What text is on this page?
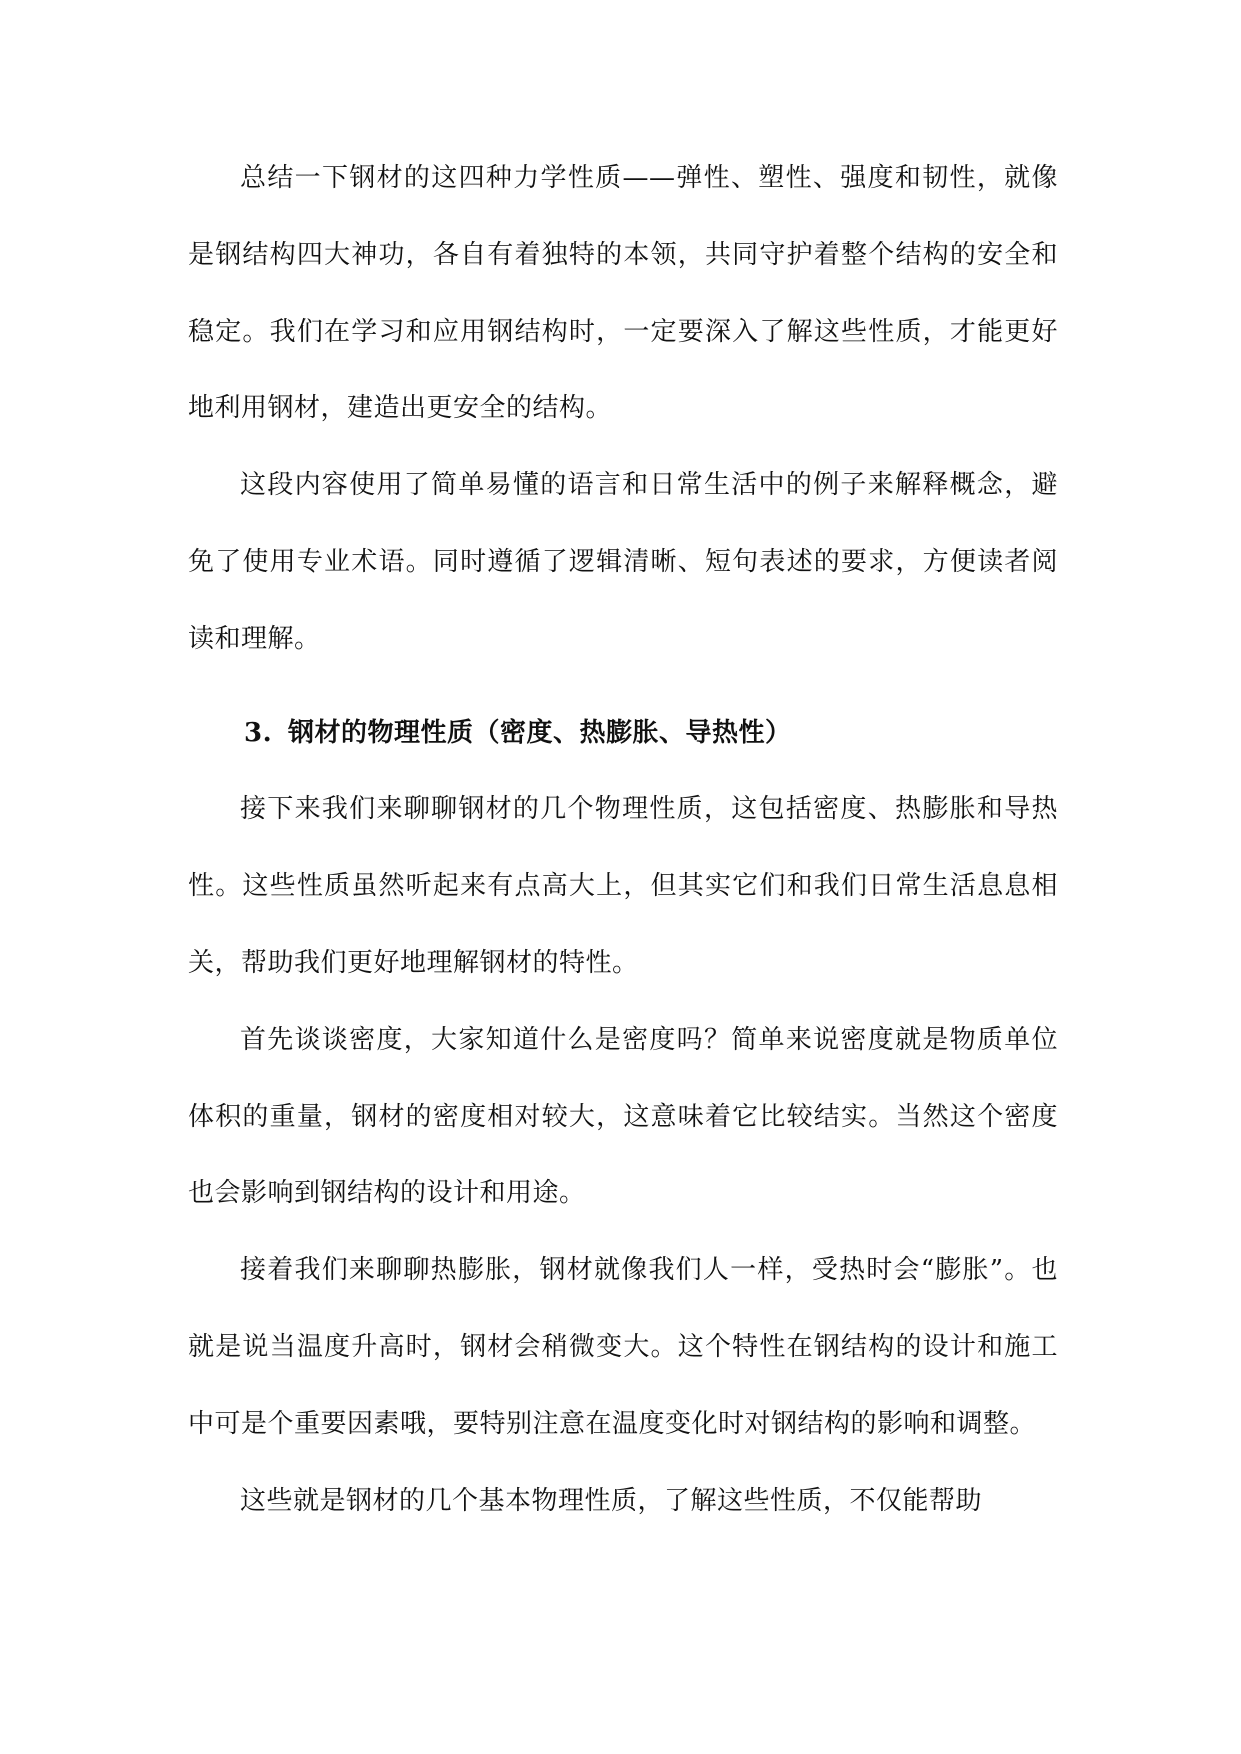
总结一下钢材的这四种力学性质——弹性、塑性、强度和韧性，就像是钢结构四大神功，各自有着独特的本领，共同守护着整个结构的安全和稳定。我们在学习和应用钢结构时，一定要深入了解这些性质，才能更好地利用钢材，建造出更安全的结构。

这段内容使用了简单易懂的语言和日常生活中的例子来解释概念，避免了使用专业术语。同时遵循了逻辑清晰、短句表述的要求，方便读者阅读和理解。

3. 钢材的物理性质（密度、热膨胀、导热性）

接下来我们来聊聊钢材的几个物理性质，这包括密度、热膨胀和导热性。这些性质虽然听起来有点高大上，但其实它们和我们日常生活息息相关，帮助我们更好地理解钢材的特性。

首先谈谈密度，大家知道什么是密度吗？简单来说密度就是物质单位体积的重量，钢材的密度相对较大，这意味着它比较结实。当然这个密度也会影响到钢结构的设计和用途。

接着我们来聊聊热膨胀，钢材就像我们人一样，受热时会“膨胀”。也就是说当温度升高时，钢材会稍微变大。这个特性在钢结构的设计和施工中可是个重要因素哦，要特别注意在温度变化时对钢结构的影响和调整。

这些就是钢材的几个基本物理性质，了解这些性质，不仅能帮助
